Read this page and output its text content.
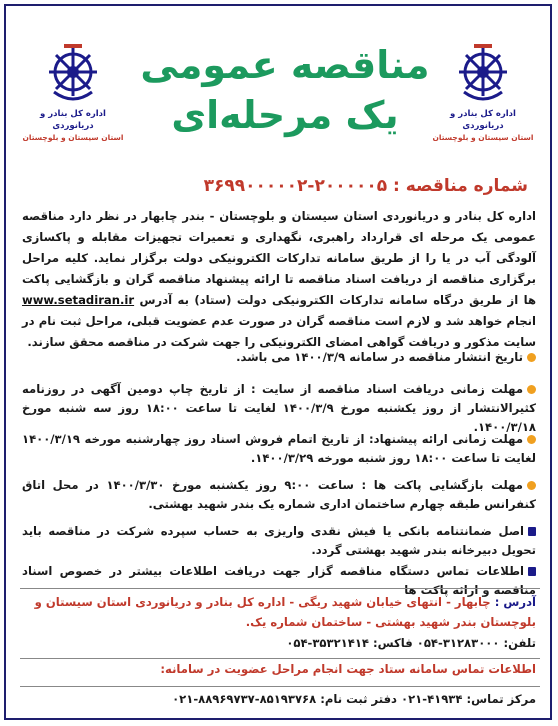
اداره کل بنادر و دریانوردی
استان سیستان و بلوچستان
اداره کل بنادر و دریانوردی
استان سیستان و بلوچستان
مناقصه عمومی
یک مرحله‌ای
شماره مناقصه : ۲۰۰۰۰۰۵-۳۶۹۹۰۰۰۰۰۲
اداره کل بنادر و دریانوردی استان سیستان و بلوچستان - بندر چابهار در نظر دارد مناقصه عمومی یک مرحله ای قرارداد راهبری، نگهداری و تعمیرات تجهیزات مقابله و پاکسازی آلودگی آب در یا را از طریق سامانه تدارکات الکترونیکی دولت برگزار نماید. کلیه مراحل برگزاری مناقصه از دریافت اسناد مناقصه تا ارائه پیشنهاد مناقصه گران و بازگشایی پاکت ها از طریق درگاه سامانه تدارکات الکترونیکی دولت (ستاد) به آدرس www.setadiran.ir انجام خواهد شد و لازم است مناقصه گران در صورت عدم عضویت قبلی، مراحل ثبت نام در سایت مذکور و دریافت گواهی امضای الکترونیکی را جهت شرکت در مناقصه محقق سازند.
تاریخ انتشار مناقصه در سامانه ۱۴۰۰/۳/۹ می باشد.
مهلت زمانی دریافت اسناد مناقصه از سایت : از تاریخ چاپ دومین آگهی در روزنامه کثیرالانتشار از روز یکشنبه مورخ ۱۴۰۰/۳/۹ لغایت تا ساعت ۱۸:۰۰ روز سه شنبه مورخ ۱۴۰۰/۳/۱۸.
مهلت زمانی ارائه پیشنهاد: از تاریخ اتمام فروش اسناد روز چهارشنبه مورخه ۱۴۰۰/۳/۱۹ لغایت تا ساعت ۱۸:۰۰ روز شنبه مورخه ۱۴۰۰/۳/۲۹.
مهلت بازگشایی پاکت ها : ساعت ۹:۰۰ روز یکشنبه مورخ ۱۴۰۰/۳/۳۰ در محل اتاق کنفرانس طبقه چهارم ساختمان اداری شماره یک بندر شهید بهشتی.
اصل ضمانتنامه بانکی یا فیش نقدی واریزی به حساب سپرده شرکت در مناقصه باید تحویل دبیرخانه بندر شهید بهشتی گردد.
اطلاعات تماس دستگاه مناقصه گزار جهت دریافت اطلاعات بیشتر در خصوص اسناد مناقصه و ارائه پاکت ها
آدرس : چابهار - انتهای خیابان شهید ریگی - اداره کل بنادر و دریانوردی استان سیستان و بلوچستان بندر شهید بهشتی - ساختمان شماره یک.
تلفن: ۳۱۲۸۳۰۰۰-۰۵۴ فاکس: ۳۵۳۲۱۴۱۴-۰۵۴
اطلاعات تماس سامانه ستاد جهت انجام مراحل عضویت در سامانه:
مرکز تماس: ۴۱۹۳۴-۰۲۱ دفتر ثبت نام: ۸۵۱۹۳۷۶۸-۸۸۹۶۹۷۳۷-۰۲۱
